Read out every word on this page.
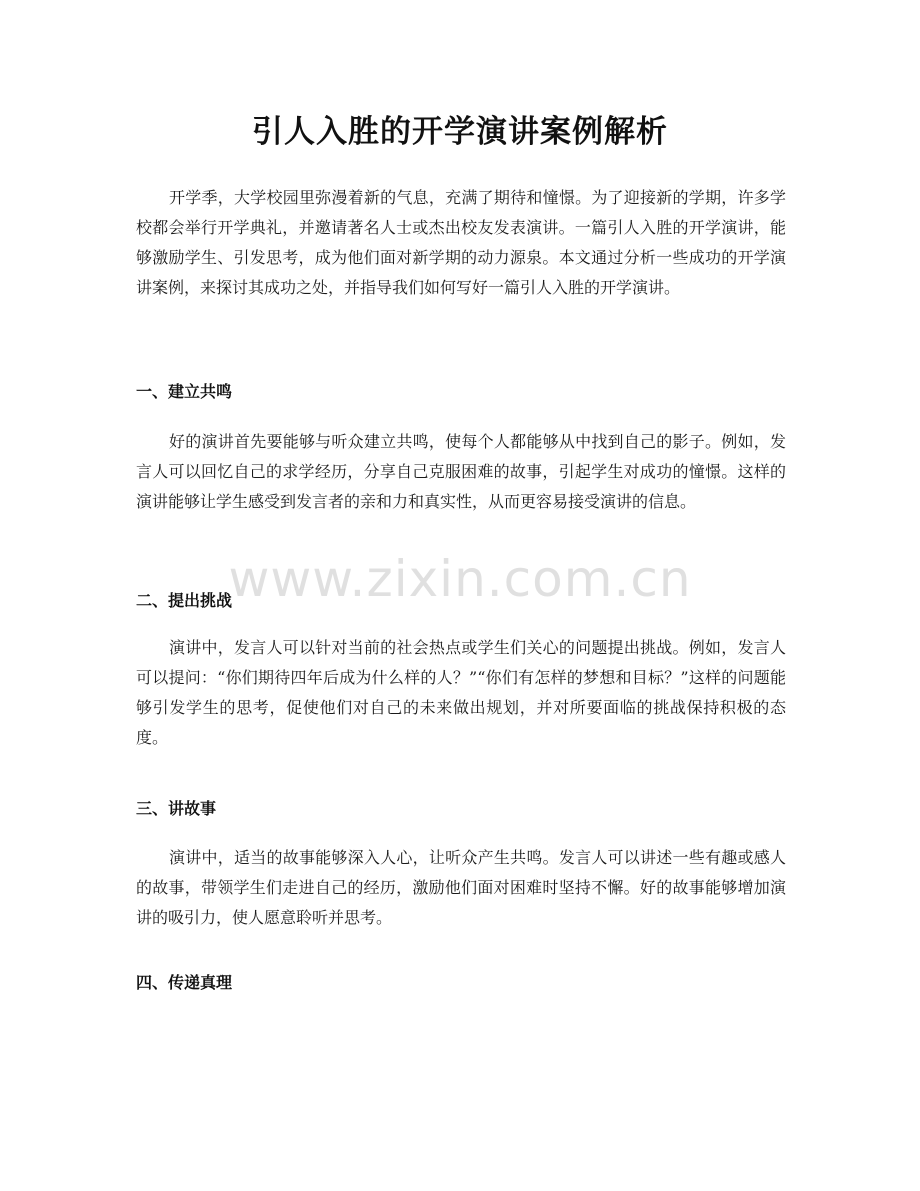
引人入胜的开学演讲案例解析

开学季，大学校园里弥漫着新的气息，充满了期待和憧憬。为了迎接新的学期，许多学校都会举行开学典礼，并邀请著名人士或杰出校友发表演讲。一篇引人入胜的开学演讲，能够激励学生、引发思考，成为他们面对新学期的动力源泉。本文通过分析一些成功的开学演讲案例，来探讨其成功之处，并指导我们如何写好一篇引人入胜的开学演讲。

一、建立共鸣

好的演讲首先要能够与听众建立共鸣，使每个人都能够从中找到自己的影子。例如，发言人可以回忆自己的求学经历，分享自己克服困难的故事，引起学生对成功的憧憬。这样的演讲能够让学生感受到发言者的亲和力和真实性，从而更容易接受演讲的信息。

二、提出挑战

演讲中，发言人可以针对当前的社会热点或学生们关心的问题提出挑战。例如，发言人可以提问：“你们期待四年后成为什么样的人？”“你们有怎样的梦想和目标？”这样的问题能够引发学生的思考，促使他们对自己的未来做出规划，并对所要面临的挑战保持积极的态度。

三、讲故事

演讲中，适当的故事能够深入人心，让听众产生共鸣。发言人可以讲述一些有趣或感人的故事，带领学生们走进自己的经历，激励他们面对困难时坚持不懈。好的故事能够增加演讲的吸引力，使人愿意聆听并思考。

四、传递真理
www.zixin.com.cn
